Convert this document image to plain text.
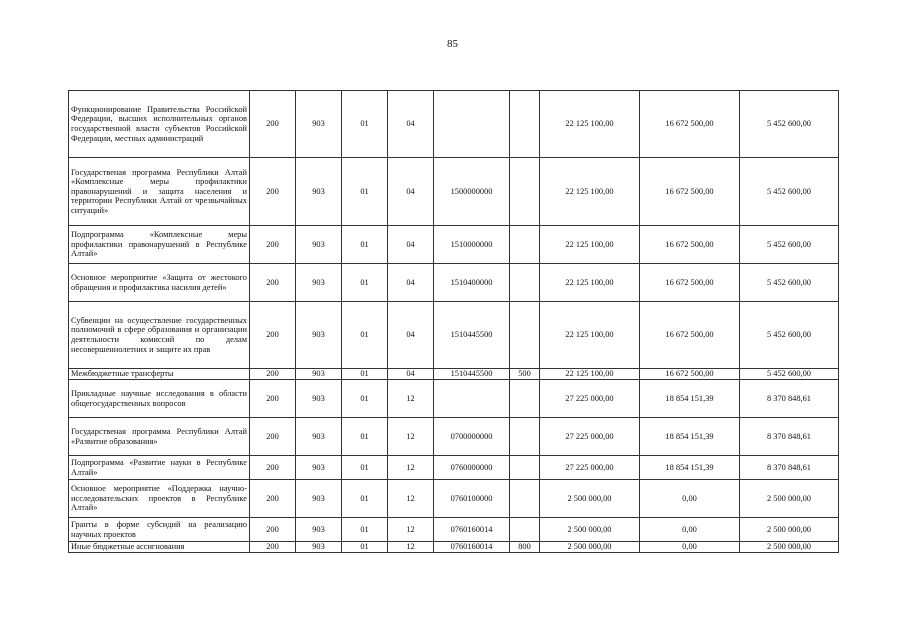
85
Функционирование Правительства Российской Федерации, высших исполнительных органов государственной власти субъектов Российской Федерации, местных администраций	200	903	01	04			22 125 100,00	16 672 500,00	5 452 600,00
Государственая программа Республики Алтай «Комплексные меры профилактики правонарушений и защита населения и территории Республики Алтай от чрезвычайных ситуаций»	200	903	01	04	1500000000		22 125 100,00	16 672 500,00	5 452 600,00
Подпрограмма «Комплексные меры профилактики правонарушений в Республике Алтай»	200	903	01	04	1510000000		22 125 100,00	16 672 500,00	5 452 600,00
Основное мероприятие «Защита от жестокого обращения и профилактика насилия детей»	200	903	01	04	1510400000		22 125 100,00	16 672 500,00	5 452 600,00
Субвенции на осуществление государственных полномочий в сфере образования и организации деятельности комиссий по делам несовершеннолетних и защите их прав	200	903	01	04	1510445500		22 125 100,00	16 672 500,00	5 452 600,00
Межбюджетные трансферты	200	903	01	04	1510445500	500	22 125 100,00	16 672 500,00	5 452 600,00
Прикладные научные исследования в области общегосударственных вопросов	200	903	01	12			27 225 000,00	18 854 151,39	8 370 848,61
Государственая программа Республики Алтай «Развитие образования»	200	903	01	12	0700000000		27 225 000,00	18 854 151,39	8 370 848,61
Подпрограмма «Развитие науки в Республике Алтай»	200	903	01	12	0760000000		27 225 000,00	18 854 151,39	8 370 848,61
Основное мероприятие «Поддержка научно-исследовательских проектов в Республике Алтай»	200	903	01	12	0760100000		2 500 000,00	0,00	2 500 000,00
Гранты в форме субсидий на реализацию научных проектов	200	903	01	12	0760160014		2 500 000,00	0,00	2 500 000,00
Иные бюджетные ассигнования	200	903	01	12	0760160014	800	2 500 000,00	0,00	2 500 000,00
